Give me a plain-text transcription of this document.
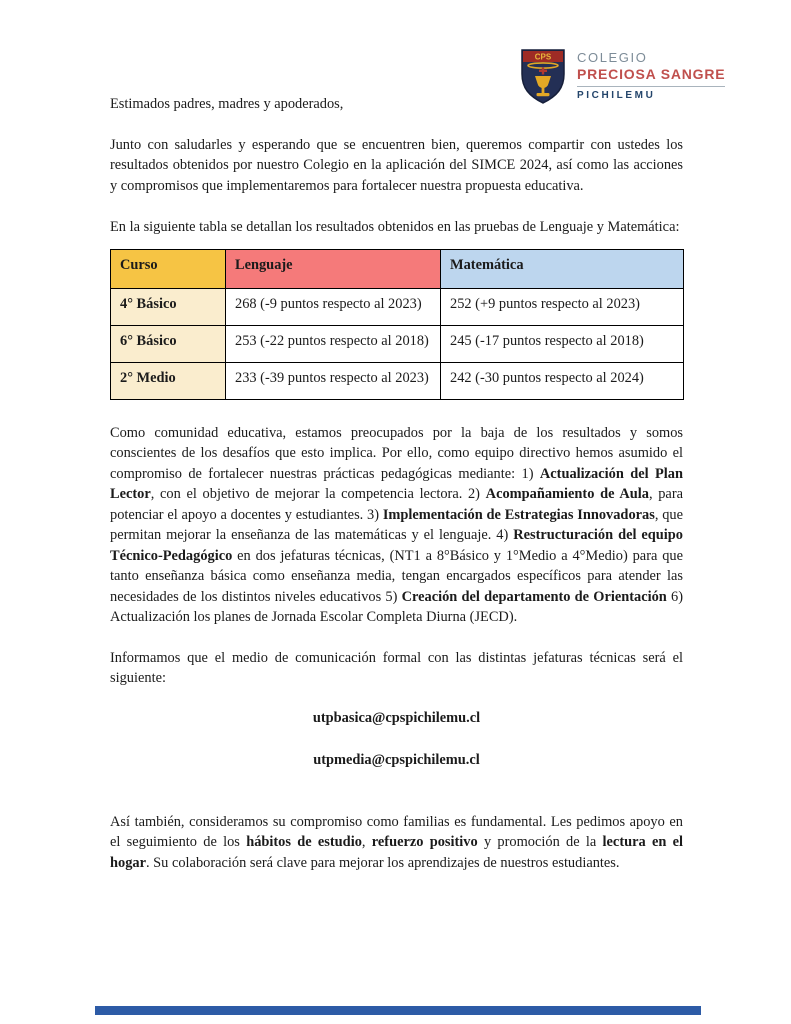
CPS COLEGIO
PRECIOSA SANGRE
PICHILEMU

Estimados padres, madres y apoderados,

Junto con saludarles y esperando que se encuentren bien, queremos compartir con ustedes los resultados obtenidos por nuestro Colegio en la aplicación del SIMCE 2024, así como las acciones y compromisos que implementaremos para fortalecer nuestra propuesta educativa.

En la siguiente tabla se detallan los resultados obtenidos en las pruebas de Lenguaje y Matemática:

Curso	Lenguaje	Matemática
4° Básico	268 (-9 puntos respecto al 2023)	252 (+9 puntos respecto al 2023)
6° Básico	253 (-22 puntos respecto al 2018)	245 (-17 puntos respecto al 2018)
2° Medio	233 (-39 puntos respecto al 2023)	242 (-30 puntos respecto al 2024)

Como comunidad educativa, estamos preocupados por la baja de los resultados y somos conscientes de los desafíos que esto implica. Por ello, como equipo directivo hemos asumido el compromiso de fortalecer nuestras prácticas pedagógicas mediante: 1) Actualización del Plan Lector, con el objetivo de mejorar la competencia lectora. 2) Acompañamiento de Aula, para potenciar el apoyo a docentes y estudiantes. 3) Implementación de Estrategias Innovadoras, que permitan mejorar la enseñanza de las matemáticas y el lenguaje. 4) Restructuración del equipo Técnico-Pedagógico en dos jefaturas técnicas, (NT1 a 8°Básico y 1°Medio a 4°Medio) para que tanto enseñanza básica como enseñanza media, tengan encargados específicos para atender las necesidades de los distintos niveles educativos 5) Creación del departamento de Orientación 6) Actualización los planes de Jornada Escolar Completa Diurna (JECD).

Informamos que el medio de comunicación formal con las distintas jefaturas técnicas será el siguiente:

utpbasica@cpspichilemu.cl

utpmedia@cpspichilemu.cl

Así también, consideramos su compromiso como familias es fundamental. Les pedimos apoyo en el seguimiento de los hábitos de estudio, refuerzo positivo y promoción de la lectura en el hogar. Su colaboración será clave para mejorar los aprendizajes de nuestros estudiantes.
